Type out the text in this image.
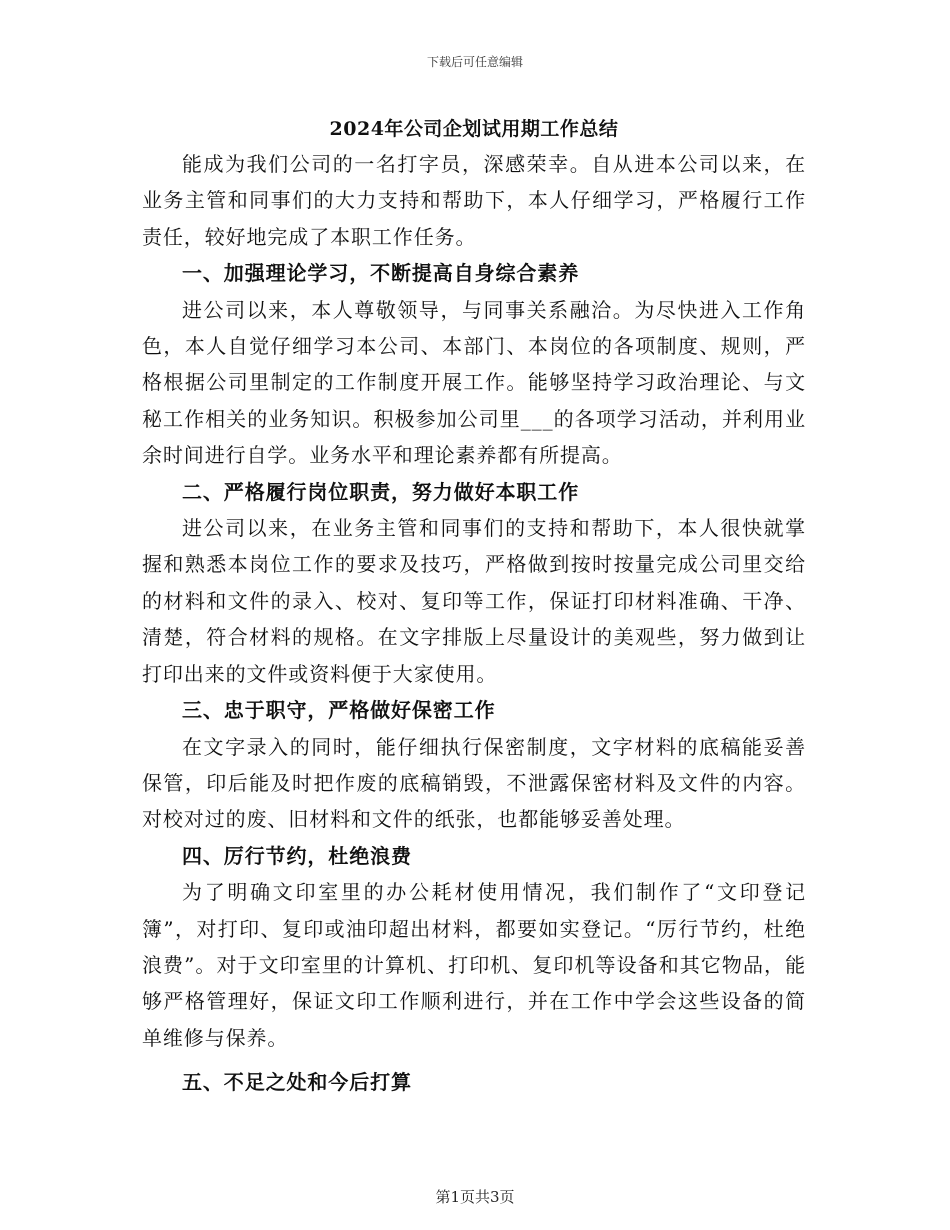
下载后可任意编辑
2024年公司企划试用期工作总结

能成为我们公司的一名打字员，深感荣幸。自从进本公司以来，在业务主管和同事们的大力支持和帮助下，本人仔细学习，严格履行工作责任，较好地完成了本职工作任务。

一、加强理论学习，不断提高自身综合素养

进公司以来，本人尊敬领导，与同事关系融洽。为尽快进入工作角色，本人自觉仔细学习本公司、本部门、本岗位的各项制度、规则，严格根据公司里制定的工作制度开展工作。能够坚持学习政治理论、与文秘工作相关的业务知识。积极参加公司里___的各项学习活动，并利用业余时间进行自学。业务水平和理论素养都有所提高。

二、严格履行岗位职责，努力做好本职工作

进公司以来，在业务主管和同事们的支持和帮助下，本人很快就掌握和熟悉本岗位工作的要求及技巧，严格做到按时按量完成公司里交给的材料和文件的录入、校对、复印等工作，保证打印材料准确、干净、清楚，符合材料的规格。在文字排版上尽量设计的美观些，努力做到让打印出来的文件或资料便于大家使用。

三、忠于职守，严格做好保密工作

在文字录入的同时，能仔细执行保密制度，文字材料的底稿能妥善保管，印后能及时把作废的底稿销毁，不泄露保密材料及文件的内容。对校对过的废、旧材料和文件的纸张，也都能够妥善处理。

四、厉行节约，杜绝浪费

为了明确文印室里的办公耗材使用情况，我们制作了“文印登记簿”，对打印、复印或油印超出材料，都要如实登记。“厉行节约，杜绝浪费”。对于文印室里的计算机、打印机、复印机等设备和其它物品，能够严格管理好，保证文印工作顺利进行，并在工作中学会这些设备的简单维修与保养。

五、不足之处和今后打算
第1页共3页
